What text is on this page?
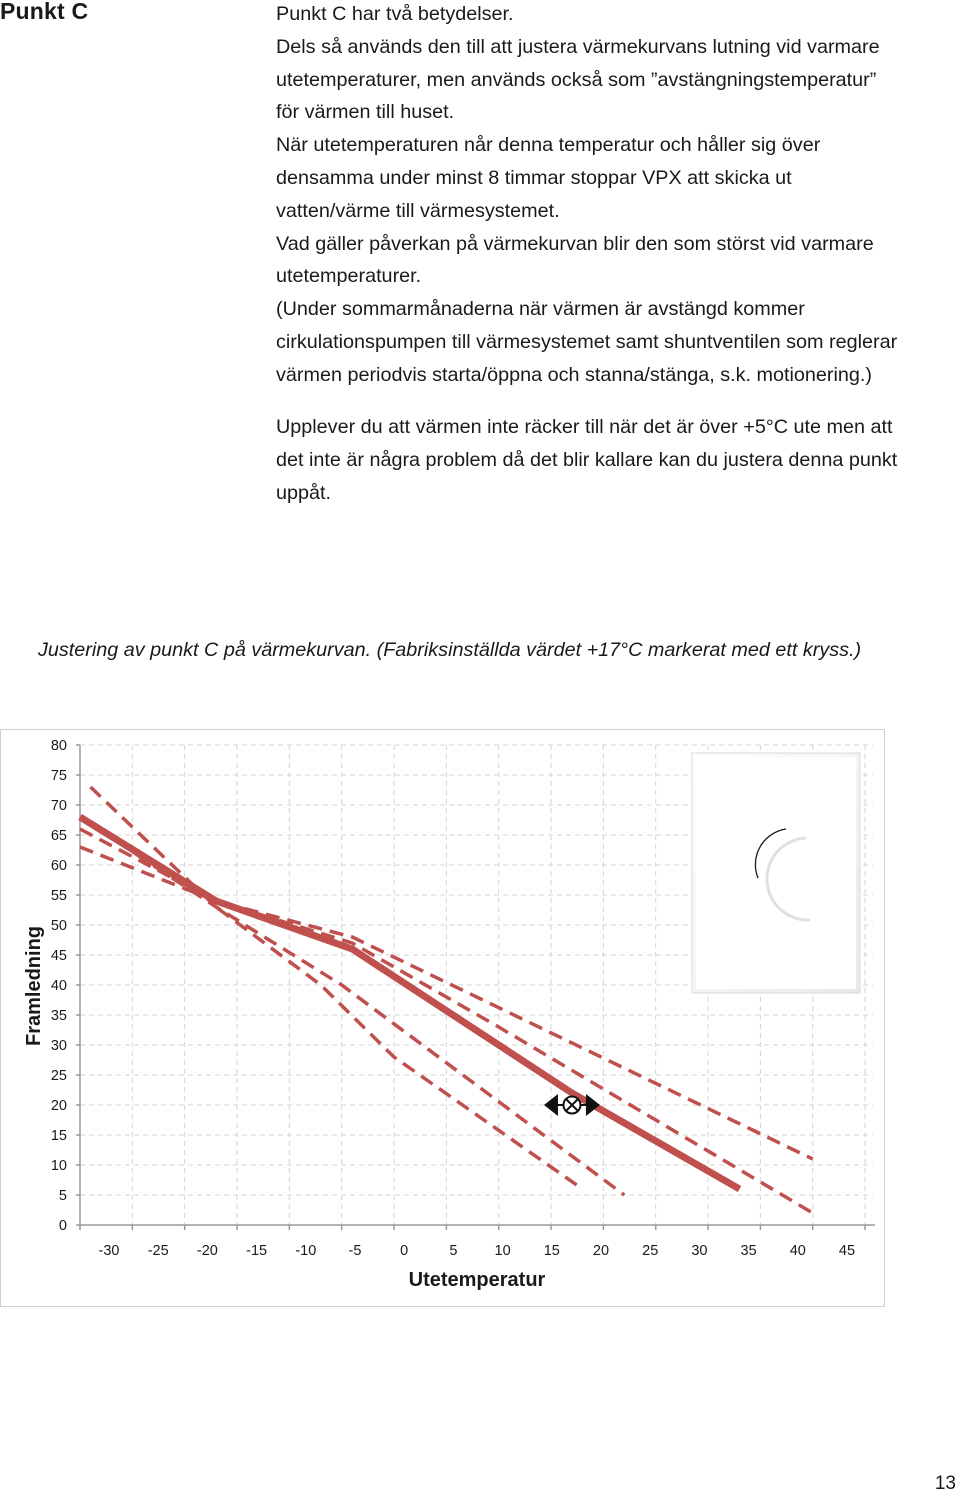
Punkt C	Punkt C har två betydelser.
Dels så används den till att justera värmekurvans lutning vid varmare
utetemperaturer, men används också som ”avstängningstemperatur”
för värmen till huset.
När utetemperaturen når denna temperatur och håller sig över
densamma under minst 8 timmar stoppar VPX att skicka ut
vatten/värme till värmesystemet.
Vad gäller påverkan på värmekurvan blir den som störst vid varmare
utetemperaturer.
(Under sommarmånaderna när värmen är avstängd kommer
cirkulationspumpen till värmesystemet samt shuntventilen som reglerar
värmen periodvis starta/öppna och stanna/stänga, s.k. motionering.)

Upplever du att värmen inte räcker till när det är över +5°C ute men att
det inte är några problem då det blir kallare kan du justera denna punkt
uppåt.

Justering av punkt C på värmekurvan. (Fabriksinställda värdet +17°C markerat med ett kryss.)
0
5
10
15
20
25
30
35
40
45
50
55
60
65
70
75
80
-30 -25 -20 -15 -10 -5	0	5	10 15 20 25 30 35 40 45
Utetemperatur
Framledning
13
